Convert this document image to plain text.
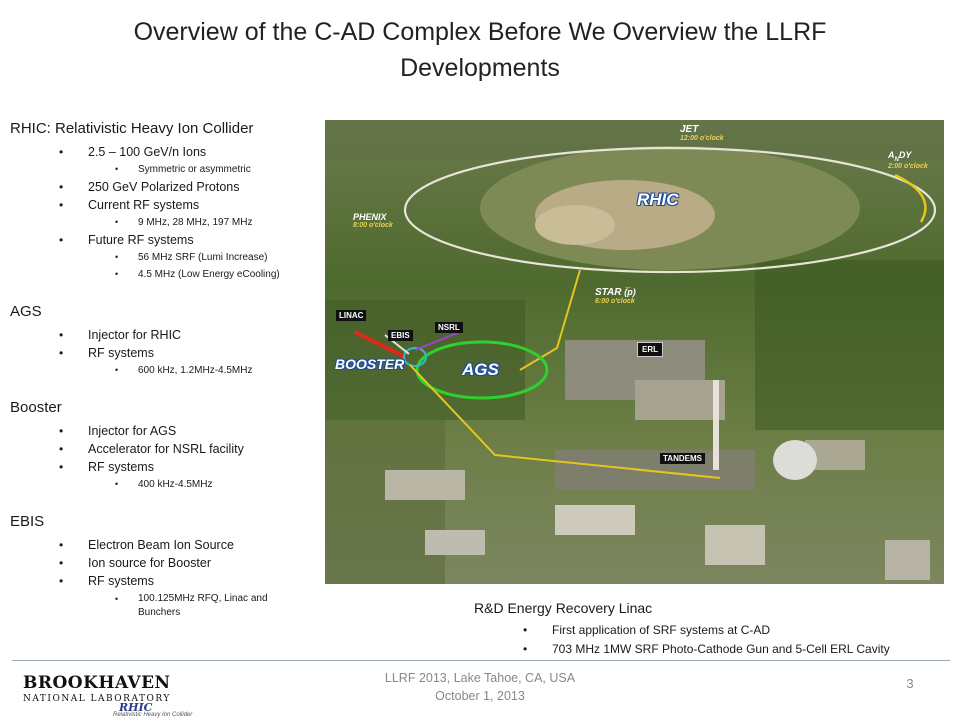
Overview of the C-AD Complex Before We Overview the LLRF
Developments

RHIC: Relativistic Heavy Ion Collider

• 2.5 – 100 GeV/n Ions

• Symmetric or asymmetric

• 250 GeV Polarized Protons

• Current RF systems

• 9 MHz, 28 MHz, 197 MHz

• Future RF systems

• 56 MHz SRF (Lumi Increase)

• 4.5 MHz (Low Energy eCooling)

AGS

• Injector for RHIC

• RF systems

• 600 kHz, 1.2MHz-4.5MHz

Booster

• Injector for AGS

• Accelerator for NSRL facility

• RF systems

• 400 kHz-4.5MHz

EBIS

• Electron Beam Ion Source

• Ion source for Booster

• RF systems

• 100.125MHz RFQ, Linac and
Bunchers

JET
12:00 o'clock
$A_NDY$
2:00 o'clock
RHIC
PHENIX
8:00 o'clock
STAR (̅p)
6:00 o'clock
LINAC
EBIS
NSRL
BOOSTER	AGS
ERL
TANDEMS

R&D Energy Recovery Linac

• First application of SRF systems at C-AD

• 703 MHz 1MW SRF Photo-Cathode Gun and 5-Cell ERL Cavity

BROOKHAVEN
NATIONAL LABORATORY
RHIC
Relativistic Heavy Ion Collider
LLRF 2013, Lake Tahoe, CA, USA
October 1, 2013
3
